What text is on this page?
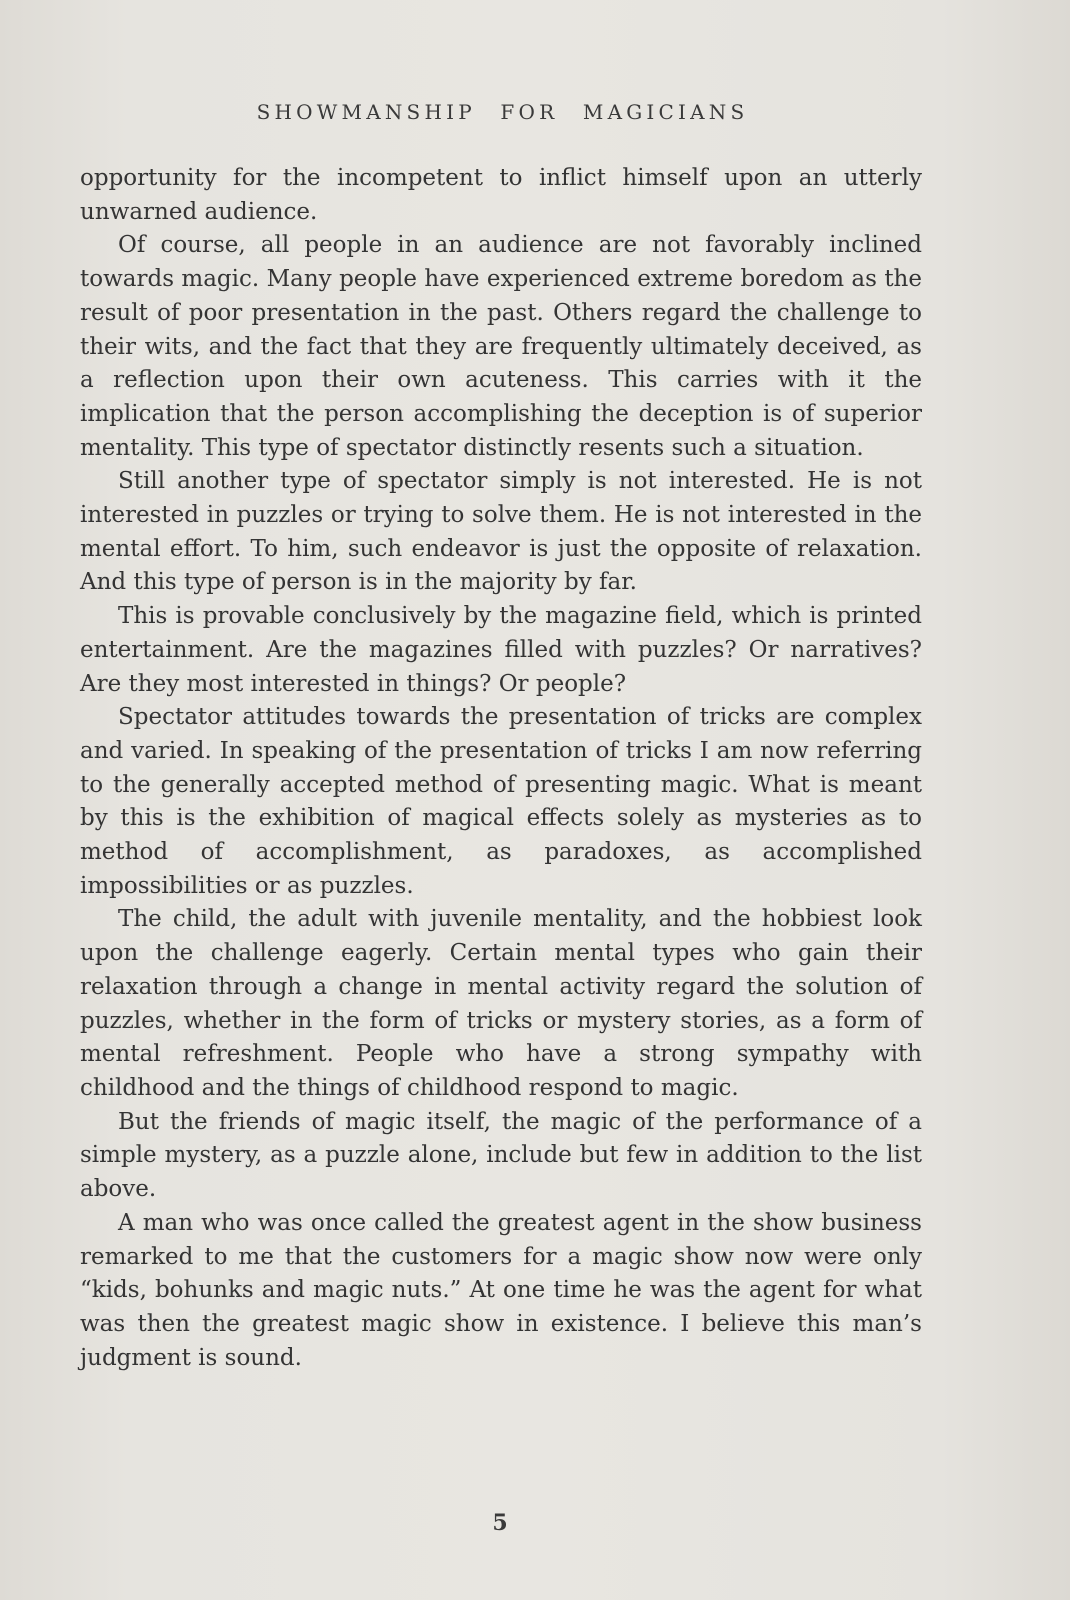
SHOWMANSHIP FOR MAGICIANS

opportunity for the incompetent to inflict himself upon an utterly unwarned audience.

Of course, all people in an audience are not favorably inclined towards magic. Many people have experienced extreme boredom as the result of poor presentation in the past. Others regard the challenge to their wits, and the fact that they are frequently ultimately deceived, as a reflection upon their own acuteness. This carries with it the implication that the person accomplishing the deception is of superior mentality. This type of spectator distinctly resents such a situation.

Still another type of spectator simply is not interested. He is not interested in puzzles or trying to solve them. He is not interested in the mental effort. To him, such endeavor is just the opposite of relaxation. And this type of person is in the majority by far.

This is provable conclusively by the magazine field, which is printed entertainment. Are the magazines filled with puzzles? Or narratives? Are they most interested in things? Or people?

Spectator attitudes towards the presentation of tricks are complex and varied. In speaking of the presentation of tricks I am now referring to the generally accepted method of presenting magic. What is meant by this is the exhibition of magical effects solely as mysteries as to method of accomplishment, as paradoxes, as accomplished impossibilities or as puzzles.

The child, the adult with juvenile mentality, and the hobbiest look upon the challenge eagerly. Certain mental types who gain their relaxation through a change in mental activity regard the solution of puzzles, whether in the form of tricks or mystery stories, as a form of mental refreshment. People who have a strong sympathy with childhood and the things of childhood respond to magic.

But the friends of magic itself, the magic of the performance of a simple mystery, as a puzzle alone, include but few in addition to the list above.

A man who was once called the greatest agent in the show business remarked to me that the customers for a magic show now were only “kids, bohunks and magic nuts.” At one time he was the agent for what was then the greatest magic show in existence. I believe this man’s judgment is sound.

5
